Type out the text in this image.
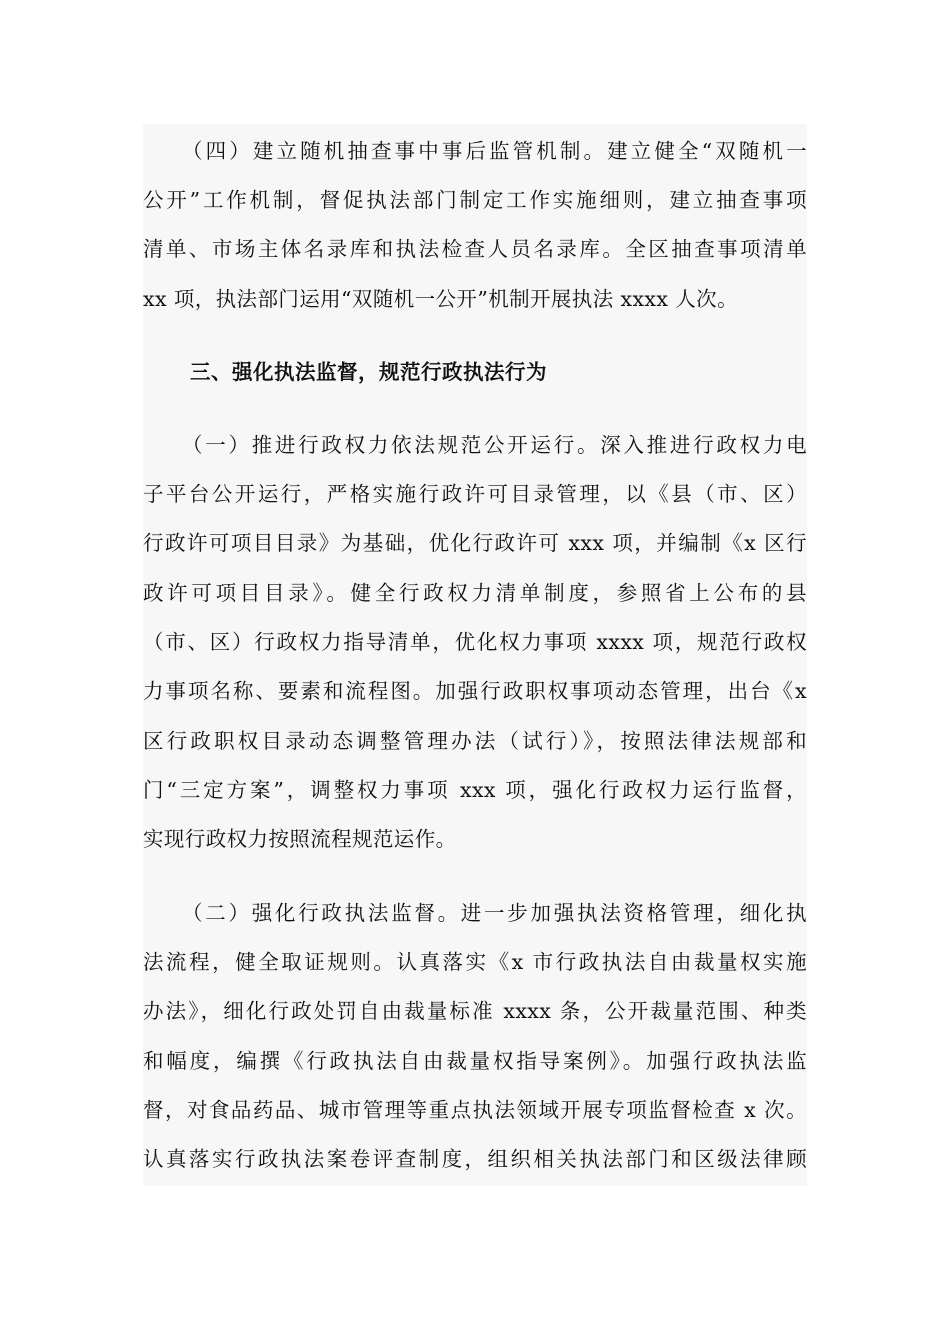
（四）建立随机抽查事中事后监管机制。建立健全“双随机一

公开”工作机制，督促执法部门制定工作实施细则，建立抽查事项

清单、市场主体名录库和执法检查人员名录库。全区抽查事项清单

xx 项，执法部门运用“双随机一公开”机制开展执法 xxxx 人次。

三、强化执法监督，规范行政执法行为

（一）推进行政权力依法规范公开运行。深入推进行政权力电

子平台公开运行，严格实施行政许可目录管理，以《县（市、区）

行政许可项目目录》为基础，优化行政许可 xxx 项，并编制《x 区行

政许可项目目录》。健全行政权力清单制度，参照省上公布的县

（市、区）行政权力指导清单，优化权力事项 xxxx 项，规范行政权

力事项名称、要素和流程图。加强行政职权事项动态管理，出台《x

区行政职权目录动态调整管理办法（试行）》，按照法律法规部和

门“三定方案”，调整权力事项 xxx 项，强化行政权力运行监督，

实现行政权力按照流程规范运作。

（二）强化行政执法监督。进一步加强执法资格管理，细化执

法流程，健全取证规则。认真落实《x 市行政执法自由裁量权实施

办法》，细化行政处罚自由裁量标准 xxxx 条，公开裁量范围、种类

和幅度，编撰《行政执法自由裁量权指导案例》。加强行政执法监

督，对食品药品、城市管理等重点执法领域开展专项监督检查 x 次。

认真落实行政执法案卷评查制度，组织相关执法部门和区级法律顾
